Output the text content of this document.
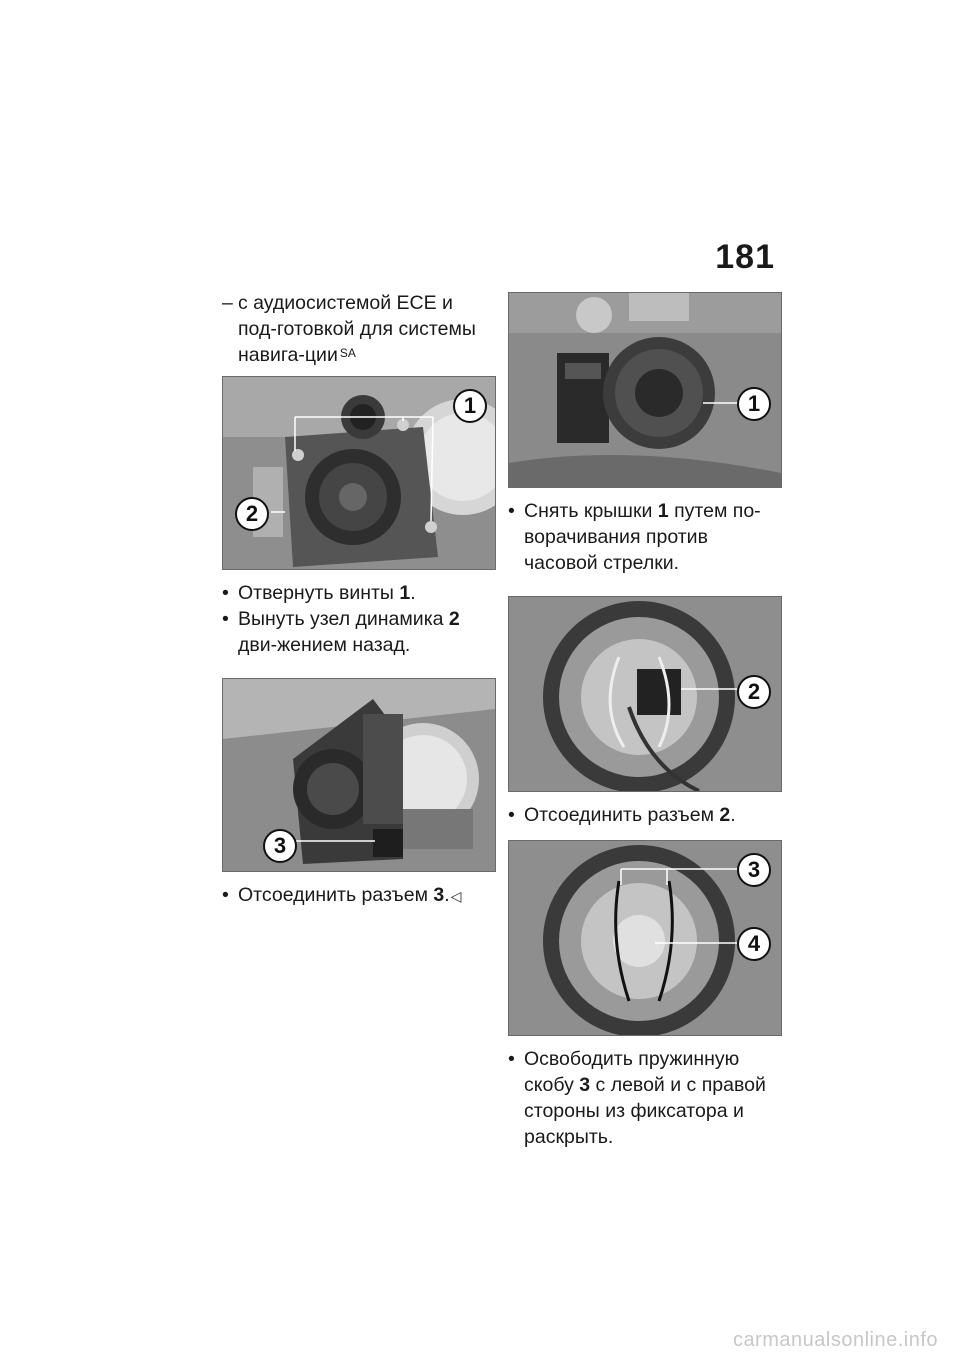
181
– с аудиосистемой ECE и под-готовкой для системы навига-ции $^{SA}$
1
2
• Отвернуть винты 1.
• Вынуть узел динамика 2 дви-жением назад.
3
• Отсоединить разъем 3.◁
1
• Снять крышки 1 путем по-ворачивания против часовой стрелки.
2
• Отсоединить разъем 2.
3
4
• Освободить пружинную скобу 3 с левой и с правой стороны из фиксатора и раскрыть.
carmanualsonline.info
